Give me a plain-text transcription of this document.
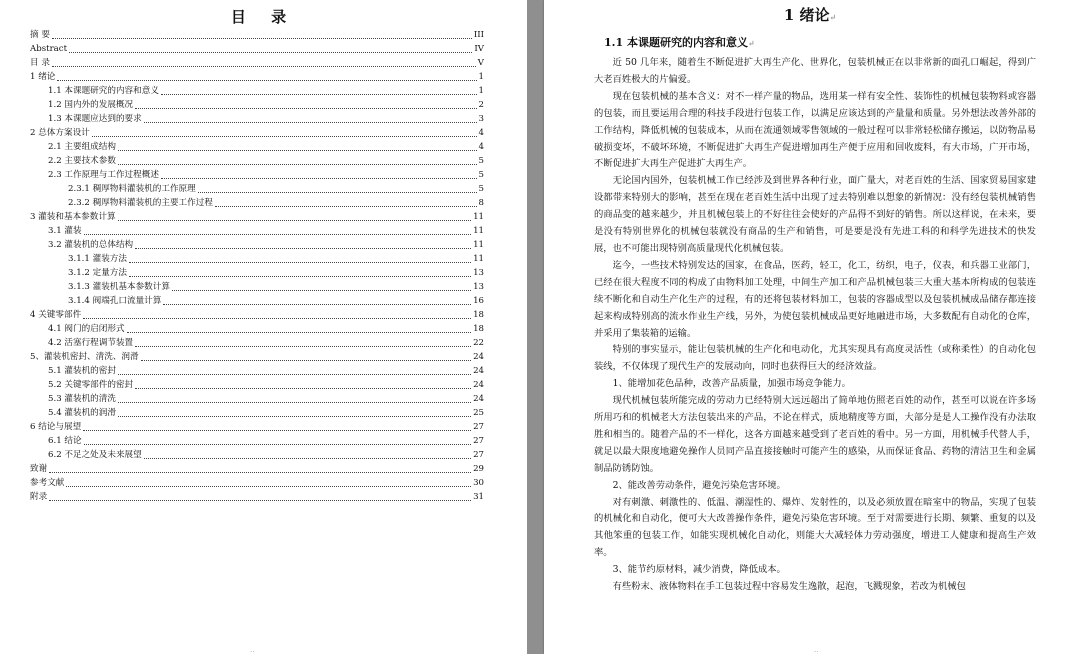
目 录
摘 要	III
Abstract	IV
目 录	V
1 绪论	1
1.1 本课题研究的内容和意义	1
1.2 国内外的发展概况	2
1.3 本课题应达到的要求	3
2 总体方案设计	4
2.1 主要组成结构	4
2.2 主要技术参数	5
2.3 工作原理与工作过程概述	5
2.3.1 稠厚物料灌装机的工作原理	5
2.3.2 稠厚物料灌装机的主要工作过程	8
3 灌装和基本参数计算	11
3.1 灌装	11
3.2 灌装机的总体结构	11
3.1.1 灌装方法	11
3.1.2 定量方法	13
3.1.3 灌装机基本参数计算	13
3.1.4 阀端孔口流量计算	16
4 关键零部件	18
4.1 阀门的启闭形式	18
4.2 活塞行程调节装置	22
5、灌装机密封、清洗、润滑	24
5.1 灌装机的密封	24
5.2 关键零部件的密封	24
5.3 灌装机的清洗	24
5.4 灌装机的润滑	25
6 结论与展望	27
6.1 结论	27
6.2 不足之处及未来展望	27
致谢	29
参考文献	30
附录	31
‥
1 绪论↵
1.1 本课题研究的内容和意义↵

近 50 几年来，随着生不断促进扩大再生产化、世界化，包装机械正在以非常新的面孔口崛起，得到广大老百姓极大的片偏爱。

现在包装机械的基本含义：对不一样产量的物品，选用某一样有安全性、装饰性的机械包装物料或容器的包装，而且要运用合理的科技手段进行包装工作，以满足应该达到的产量量和质量。另外想法改善外部的工作结构，降低机械的包装成本，从而在流通领域零售领域的一般过程可以非常轻松储存搬运，以防物品易破损变坏，不破坏环境，不断促进扩大再生产促进增加再生产便于应用和回收废料，有大市场，广开市场，不断促进扩大再生产促进扩大再生产。

无论国内国外，包装机械工作已经涉及到世界各种行业，面广量大，对老百姓的生活、国家贸易国家建设都带来特别大的影响，甚至在现在老百姓生活中出现了过去特别难以想象的新情况：没有经包装机械销售的商品变的越来越少，并且机械包装上的不好往往会使好的产品得不到好的销售。所以这样说，在未来，要是没有特别世界化的机械包装就没有商品的生产和销售，可是要是没有先进工科的和科学先进技术的快发展，也不可能出现特别高质量现代化机械包装。

迄今，一些技术特别发达的国家，在食品，医药，轻工，化工，纺织，电子，仪表，和兵器工业部门，已经在很大程度不同的构成了由物料加工处理，中间生产加工和产品机械包装三大重大基本所构成的包装连续不断化和自动生产化生产的过程，有的还将包装材料加工，包装的容器成型以及包装机械成品储存都连接起来构成特别高的流水作业生产线，另外，为使包装机械成品更好地融进市场，大多数配有自动化的仓库，并采用了集装箱的运输。

特别的事实显示，能让包装机械的生产化和电动化，尤其实现具有高度灵活性（或称柔性）的自动化包装线，不仅体现了现代生产的发展动向，同时也获得巨大的经济效益。

1、能增加花色品种，改善产品质量，加强市场竞争能力。

现代机械包装所能完成的劳动力已经特别大远远超出了简单地仿照老百姓的动作，甚至可以说在许多场所用巧和的机械老大方法包装出来的产品，不论在样式，质地精度等方面，大部分是是人工操作没有办法取胜和相当的。随着产品的不一样化，这各方面越来越受到了老百姓的看中。另一方面，用机械手代替人手，就足以最大限度地避免操作人员同产品直接接触时可能产生的感染，从而保证食品、药物的清洁卫生和金属制品防锈防蚀。

2、能改善劳动条件，避免污染危害环境。

对有刺激、刺激性的、低温、潮湿性的、爆炸、发射性的，以及必须放置在暗室中的物品，实现了包装的机械化和自动化，便可大大改善操作条件，避免污染危害环境。至于对需要进行长期、频繁、重复的以及其他笨重的包装工作，如能实现机械化自动化，则能大大减轻体力劳动强度，增进工人健康和提高生产效率。

3、能节约原材料，减少消费，降低成本。

有些粉末、液体物料在手工包装过程中容易发生逸散，起泡，飞溅现象，若改为机械包

‥
